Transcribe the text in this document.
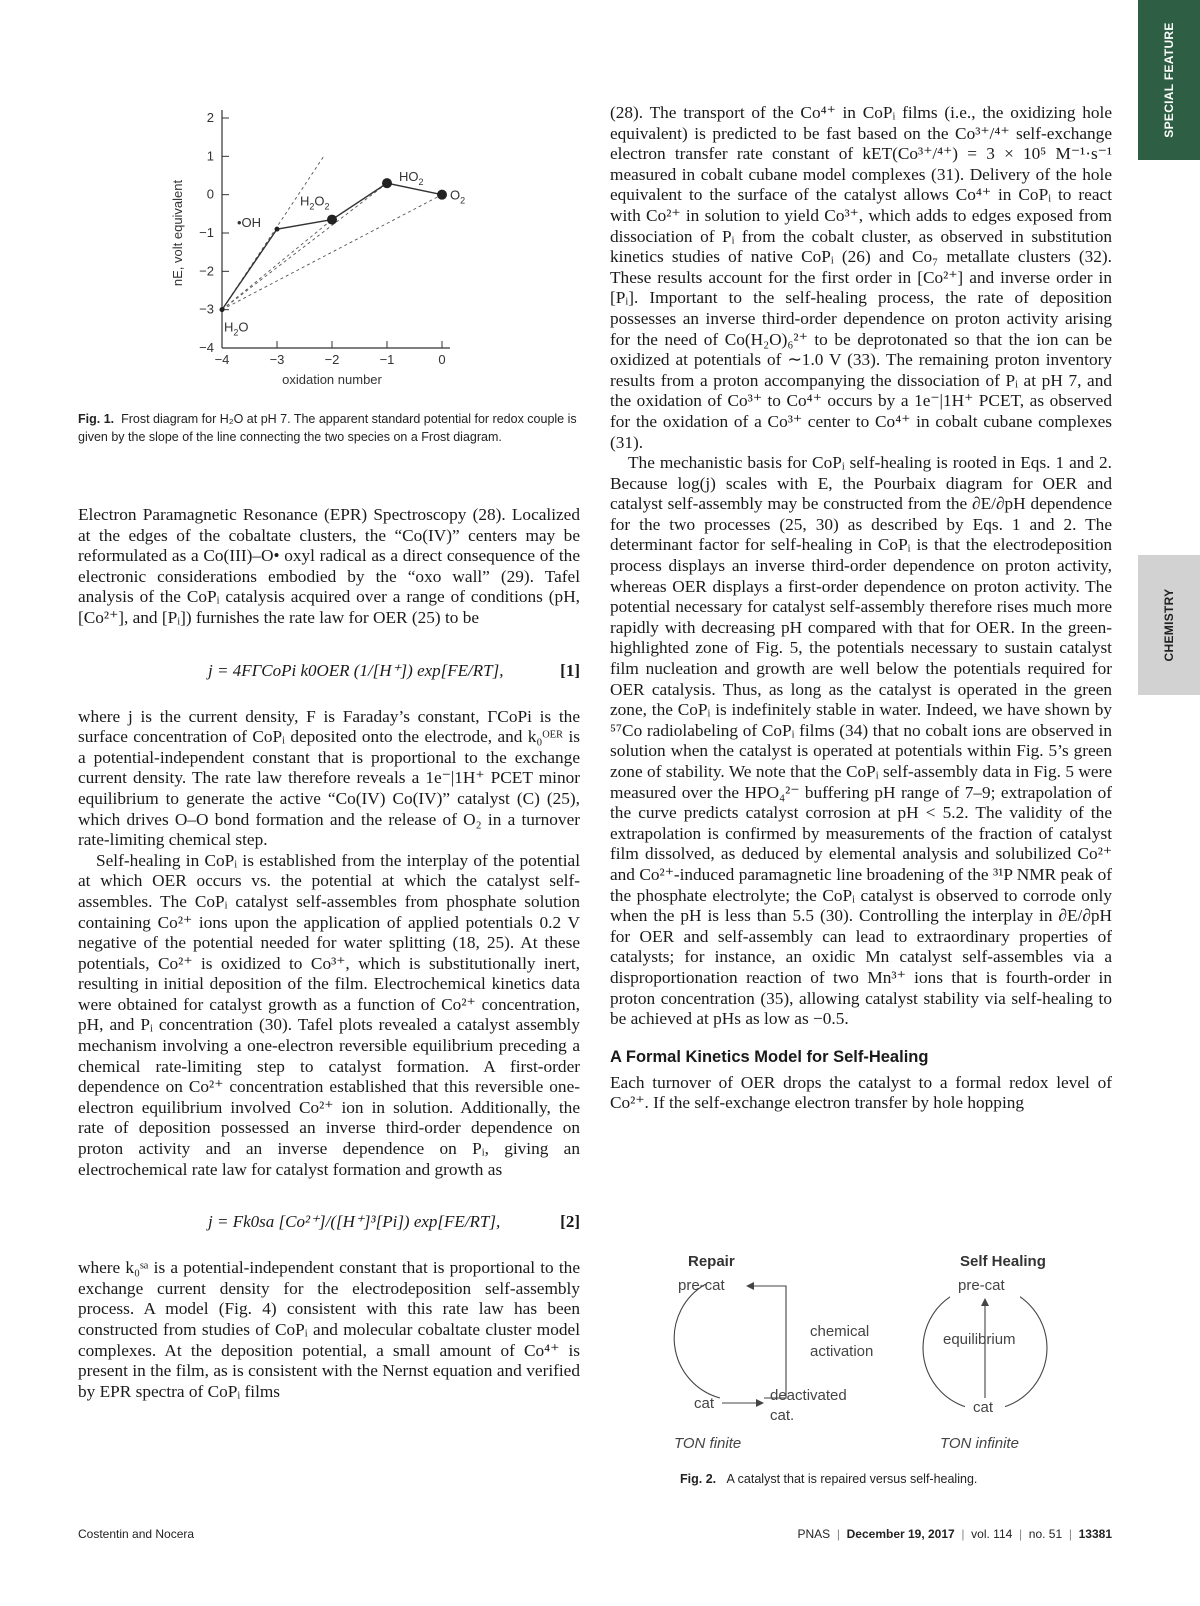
SPECIAL FEATURE
CHEMISTRY
nE, volt equivalent
2
1
0
−1
−2
−3
−4
−4	−3	−2	−1	0
oxidation number
•OH
$H_2O_2$
$HO_2$
$O_2$
$H_2O$

Fig. 1. Frost diagram for H₂O at pH 7. The apparent standard potential for redox couple is given by the slope of the line connecting the two species on a Frost diagram.

Electron Paramagnetic Resonance (EPR) Spectroscopy (28). Localized at the edges of the cobaltate clusters, the “Co(IV)” centers may be reformulated as a Co(III)–O• oxyl radical as a direct consequence of the electronic considerations embodied by the “oxo wall” (29). Tafel analysis of the CoPᵢ catalysis acquired over a range of conditions (pH, [Co²⁺], and [Pᵢ]) furnishes the rate law for OER (25) to be

j = 4FΓCoPi k0OER (1/[H⁺]) exp[FE/RT],	[1]

where j is the current density, F is Faraday’s constant, ΓCoPi is the surface concentration of CoPᵢ deposited onto the electrode, and k₀ᴼᴱᴿ is a potential-independent constant that is proportional to the exchange current density. The rate law therefore reveals a 1e⁻|1H⁺ PCET minor equilibrium to generate the active “Co(IV) Co(IV)” catalyst (C) (25), which drives O–O bond formation and the release of O₂ in a turnover rate-limiting chemical step.

Self-healing in CoPᵢ is established from the interplay of the potential at which OER occurs vs. the potential at which the catalyst self-assembles. The CoPᵢ catalyst self-assembles from phosphate solution containing Co²⁺ ions upon the application of applied potentials 0.2 V negative of the potential needed for water splitting (18, 25). At these potentials, Co²⁺ is oxidized to Co³⁺, which is substitutionally inert, resulting in initial deposition of the film. Electrochemical kinetics data were obtained for catalyst growth as a function of Co²⁺ concentration, pH, and Pᵢ concentration (30). Tafel plots revealed a catalyst assembly mechanism involving a one-electron reversible equilibrium preceding a chemical rate-limiting step to catalyst formation. A first-order dependence on Co²⁺ concentration established that this reversible one-electron equilibrium involved Co²⁺ ion in solution. Additionally, the rate of deposition possessed an inverse third-order dependence on proton activity and an inverse dependence on Pᵢ, giving an electrochemical rate law for catalyst formation and growth as

j = Fk0sa [Co²⁺]/([H⁺]³[Pi]) exp[FE/RT],	[2]

where k₀ˢᵃ is a potential-independent constant that is proportional to the exchange current density for the electrodeposition self-assembly process. A model (Fig. 4) consistent with this rate law has been constructed from studies of CoPᵢ and molecular cobaltate cluster model complexes. At the deposition potential, a small amount of Co⁴⁺ is present in the film, as is consistent with the Nernst equation and verified by EPR spectra of CoPᵢ films

(28). The transport of the Co⁴⁺ in CoPᵢ films (i.e., the oxidizing hole equivalent) is predicted to be fast based on the Co³⁺/⁴⁺ self-exchange electron transfer rate constant of kΕТ(Co³⁺/⁴⁺) = 3 × 10⁵ M⁻¹·s⁻¹ measured in cobalt cubane model complexes (31). Delivery of the hole equivalent to the surface of the catalyst allows Co⁴⁺ in CoPᵢ to react with Co²⁺ in solution to yield Co³⁺, which adds to edges exposed from dissociation of Pᵢ from the cobalt cluster, as observed in substitution kinetics studies of native CoPᵢ (26) and Co₇ metallate clusters (32). These results account for the first order in [Co²⁺] and inverse order in [Pᵢ]. Important to the self-healing process, the rate of deposition possesses an inverse third-order dependence on proton activity arising for the need of Co(H₂O)₆²⁺ to be deprotonated so that the ion can be oxidized at potentials of ∼1.0 V (33). The remaining proton inventory results from a proton accompanying the dissociation of Pᵢ at pH 7, and the oxidation of Co³⁺ to Co⁴⁺ occurs by a 1e⁻|1H⁺ PCET, as observed for the oxidation of a Co³⁺ center to Co⁴⁺ in cobalt cubane complexes (31).

The mechanistic basis for CoPᵢ self-healing is rooted in Eqs. 1 and 2. Because log(j) scales with E, the Pourbaix diagram for OER and catalyst self-assembly may be constructed from the ∂E/∂pH dependence for the two processes (25, 30) as described by Eqs. 1 and 2. The determinant factor for self-healing in CoPᵢ is that the electrodeposition process displays an inverse third-order dependence on proton activity, whereas OER displays a first-order dependence on proton activity. The potential necessary for catalyst self-assembly therefore rises much more rapidly with decreasing pH compared with that for OER. In the green-highlighted zone of Fig. 5, the potentials necessary to sustain catalyst film nucleation and growth are well below the potentials required for OER catalysis. Thus, as long as the catalyst is operated in the green zone, the CoPᵢ is indefinitely stable in water. Indeed, we have shown by ⁵⁷Co radiolabeling of CoPᵢ films (34) that no cobalt ions are observed in solution when the catalyst is operated at potentials within Fig. 5’s green zone of stability. We note that the CoPᵢ self-assembly data in Fig. 5 were measured over the HPO₄²⁻ buffering pH range of 7–9; extrapolation of the curve predicts catalyst corrosion at pH < 5.2. The validity of the extrapolation is confirmed by measurements of the fraction of catalyst film dissolved, as deduced by elemental analysis and solubilized Co²⁺ and Co²⁺-induced paramagnetic line broadening of the ³¹P NMR peak of the phosphate electrolyte; the CoPᵢ catalyst is observed to corrode only when the pH is less than 5.5 (30). Controlling the interplay in ∂E/∂pH for OER and self-assembly can lead to extraordinary properties of catalysts; for instance, an oxidic Mn catalyst self-assembles via a disproportionation reaction of two Mn³⁺ ions that is fourth-order in proton concentration (35), allowing catalyst stability via self-healing to be achieved at pHs as low as −0.5.

A Formal Kinetics Model for Self-Healing

Each turnover of OER drops the catalyst to a formal redox level of Co²⁺. If the self-exchange electron transfer by hole hopping

Repair	Self Healing
pre-cat
cat
chemical
activation
deactivated
cat.
TON finite
pre-cat
cat
equilibrium
TON infinite

Fig. 2. A catalyst that is repaired versus self-healing.

Costentin and Nocera	PNAS | December 19, 2017 | vol. 114 | no. 51 | 13381
